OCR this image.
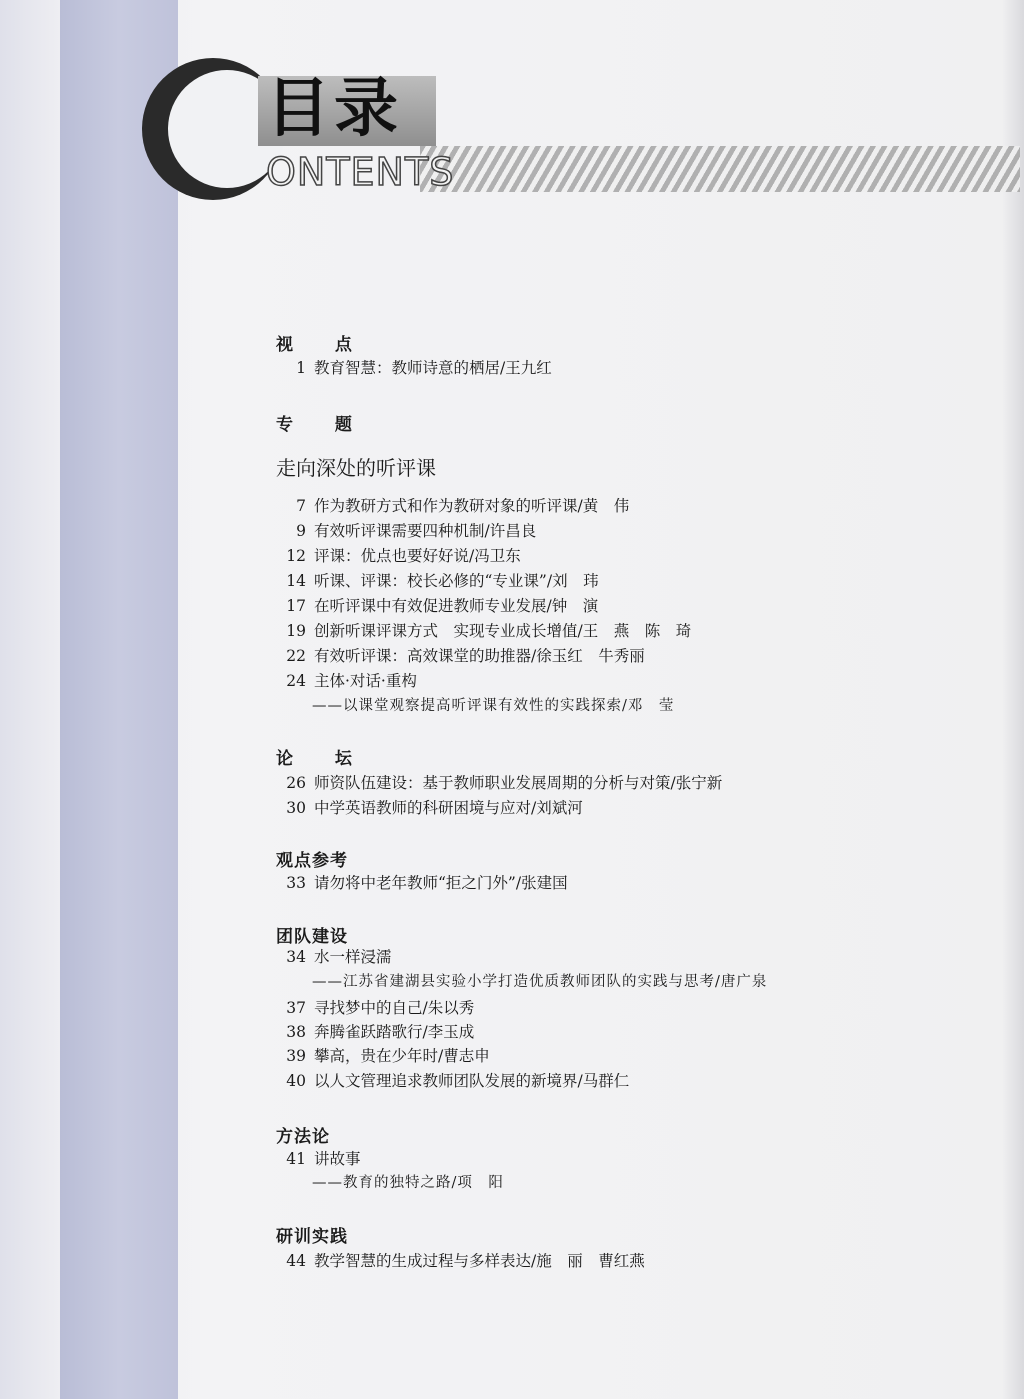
目录
ONTENTS
视 点
1 教育智慧：教师诗意的栖居/王九红
专 题
走向深处的听评课
7 作为教研方式和作为教研对象的听评课/黄　伟
9 有效听评课需要四种机制/许昌良
12 评课：优点也要好好说/冯卫东
14 听课、评课：校长必修的“专业课”/刘　玮
17 在听评课中有效促进教师专业发展/钟　演
19 创新听课评课方式　实现专业成长增值/王　燕　陈　琦
22 有效听评课：高效课堂的助推器/徐玉红　牛秀丽
24 主体·对话·重构
——以课堂观察提高听评课有效性的实践探索/邓　莹
论 坛
26 师资队伍建设：基于教师职业发展周期的分析与对策/张宁新
30 中学英语教师的科研困境与应对/刘斌河
观点参考
33 请勿将中老年教师“拒之门外”/张建国
团队建设
34 水一样浸濡
——江苏省建湖县实验小学打造优质教师团队的实践与思考/唐广泉
37 寻找梦中的自己/朱以秀
38 奔腾雀跃踏歌行/李玉成
39 攀高，贵在少年时/曹志申
40 以人文管理追求教师团队发展的新境界/马群仁
方法论
41 讲故事
——教育的独特之路/项　阳
研训实践
44 教学智慧的生成过程与多样表达/施　丽　曹红燕
